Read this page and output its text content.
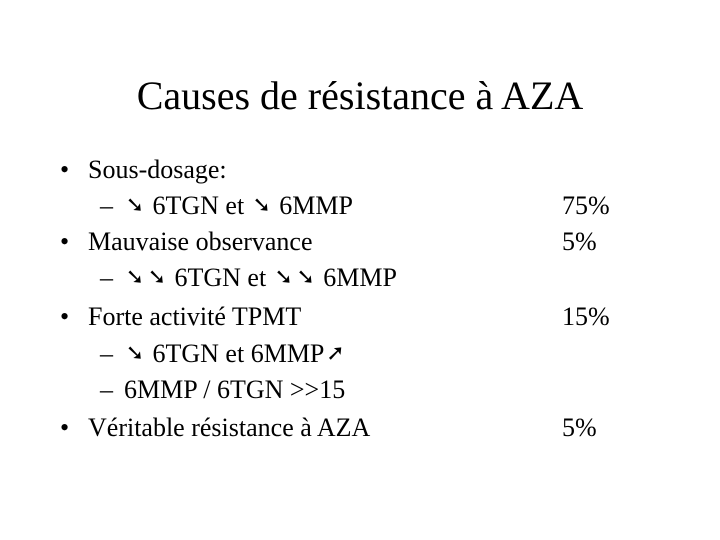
Causes de résistance à AZA
• Sous-dosage:
– ➘ 6TGN et ➘ 6MMP	75%
• Mauvaise observance	5%
– ➘ ➘ 6TGN et ➘ ➘ 6MMP
• Forte activité TPMT	15%
– ➘ 6TGN et 6MMP➚
– 6MMP / 6TGN >>15
• Véritable résistance à AZA	5%
